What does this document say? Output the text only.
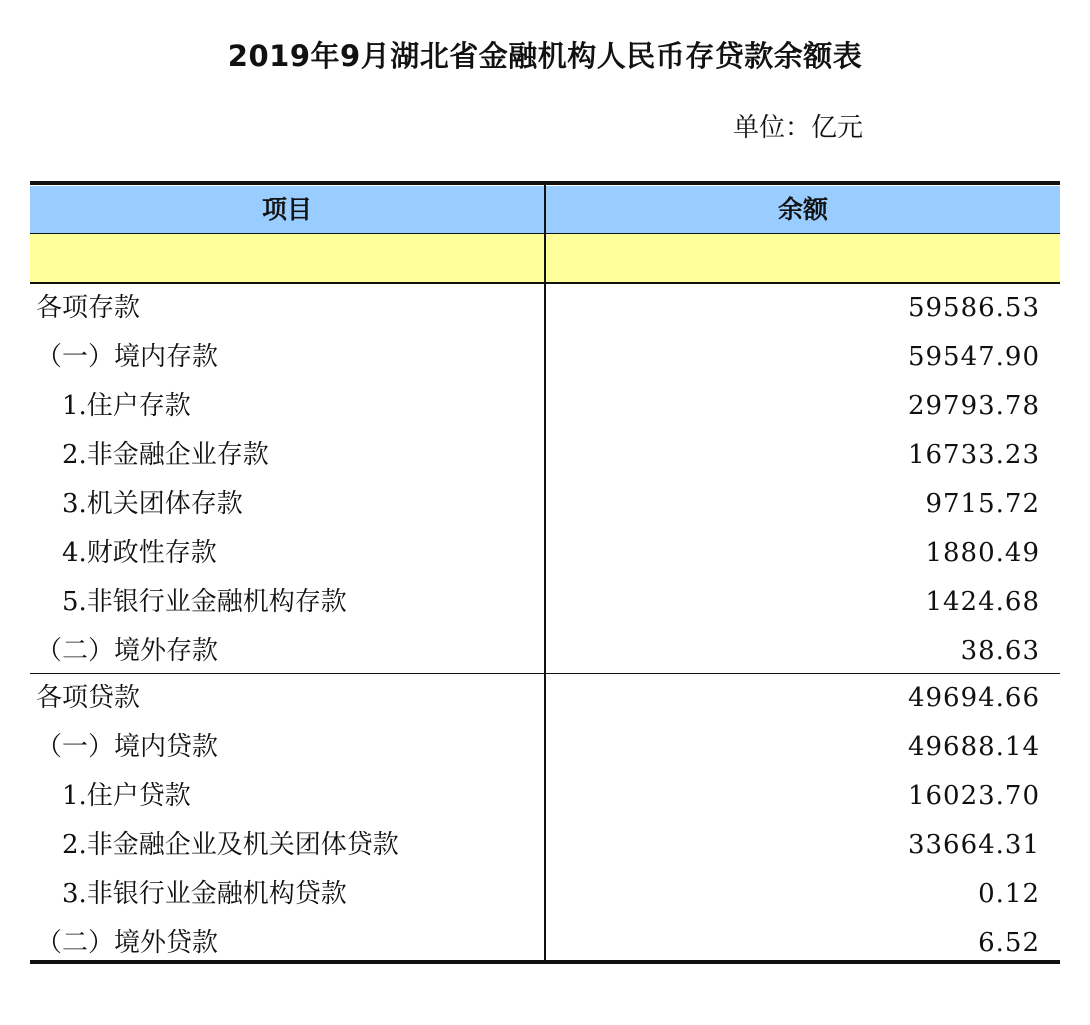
2019年9月湖北省金融机构人民币存贷款余额表
单位：亿元
项目	余额
各项存款	59586.53
（一）境内存款	59547.90
1.住户存款	29793.78
2.非金融企业存款	16733.23
3.机关团体存款	9715.72
4.财政性存款	1880.49
5.非银行业金融机构存款	1424.68
（二）境外存款	38.63
各项贷款	49694.66
（一）境内贷款	49688.14
1.住户贷款	16023.70
2.非金融企业及机关团体贷款	33664.31
3.非银行业金融机构贷款	0.12
（二）境外贷款	6.52
